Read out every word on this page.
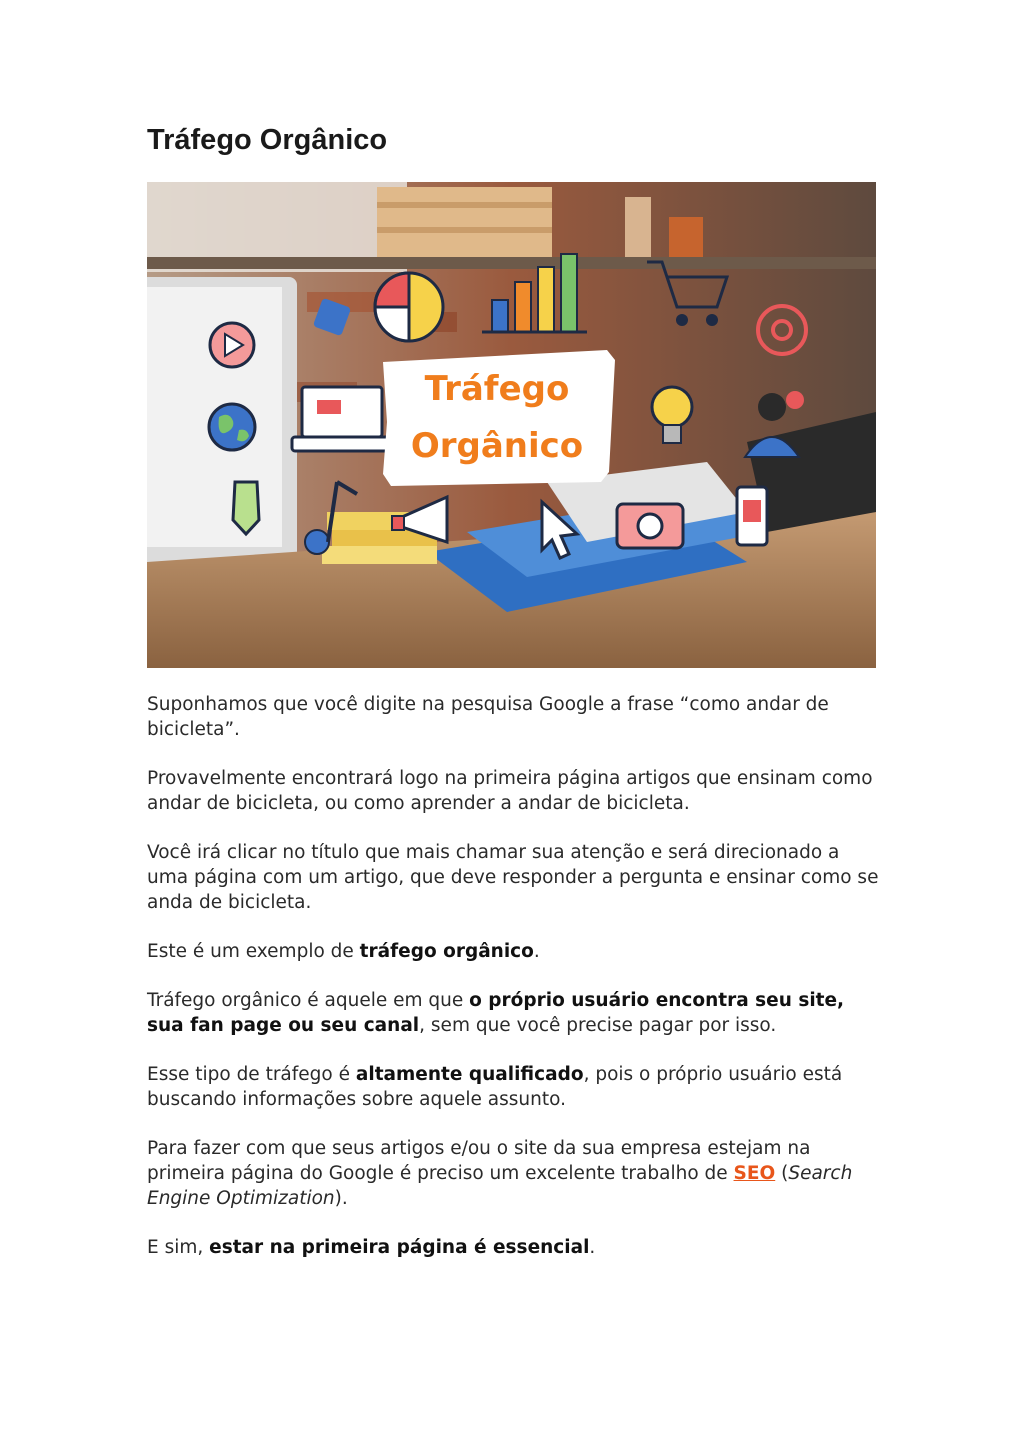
Tráfego Orgânico
Tráfego
Orgânico

Suponhamos que você digite na pesquisa Google a frase “como andar de bicicleta”.

Provavelmente encontrará logo na primeira página artigos que ensinam como andar de bicicleta, ou como aprender a andar de bicicleta.

Você irá clicar no título que mais chamar sua atenção e será direcionado a uma página com um artigo, que deve responder a pergunta e ensinar como se anda de bicicleta.

Este é um exemplo de tráfego orgânico.

Tráfego orgânico é aquele em que o próprio usuário encontra seu site, sua fan page ou seu canal, sem que você precise pagar por isso.

Esse tipo de tráfego é altamente qualificado, pois o próprio usuário está buscando informações sobre aquele assunto.

Para fazer com que seus artigos e/ou o site da sua empresa estejam na primeira página do Google é preciso um excelente trabalho de SEO (Search Engine Optimization).

E sim, estar na primeira página é essencial.
